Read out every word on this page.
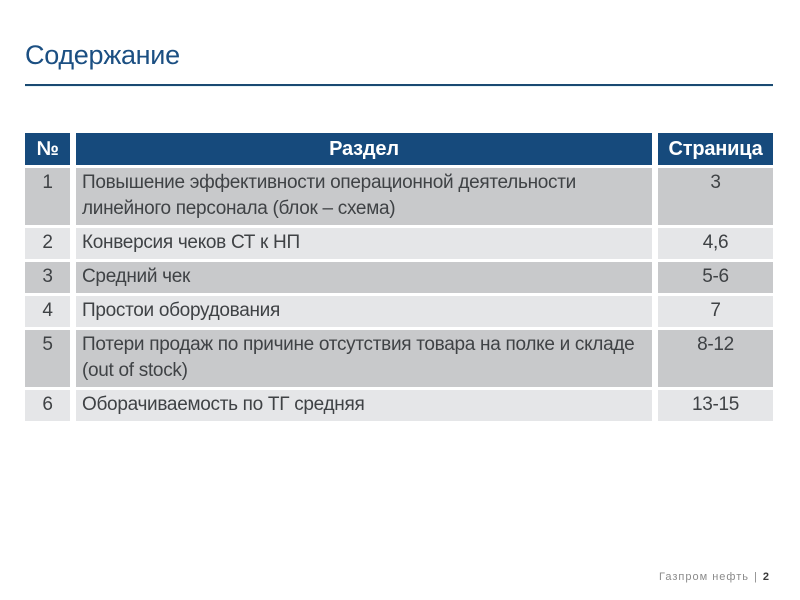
Содержание
№	Раздел	Страница
1	Повышение эффективности операционной деятельности линейного персонала (блок – схема)	3
2	Конверсия чеков СТ к НП	4,6
3	Средний чек	5-6
4	Простои оборудования	7
5	Потери продаж по причине отсутствия товара на полке и складе (out of stock)	8-12
6	Оборачиваемость по ТГ средняя	13-15
Газпром нефть | 2
